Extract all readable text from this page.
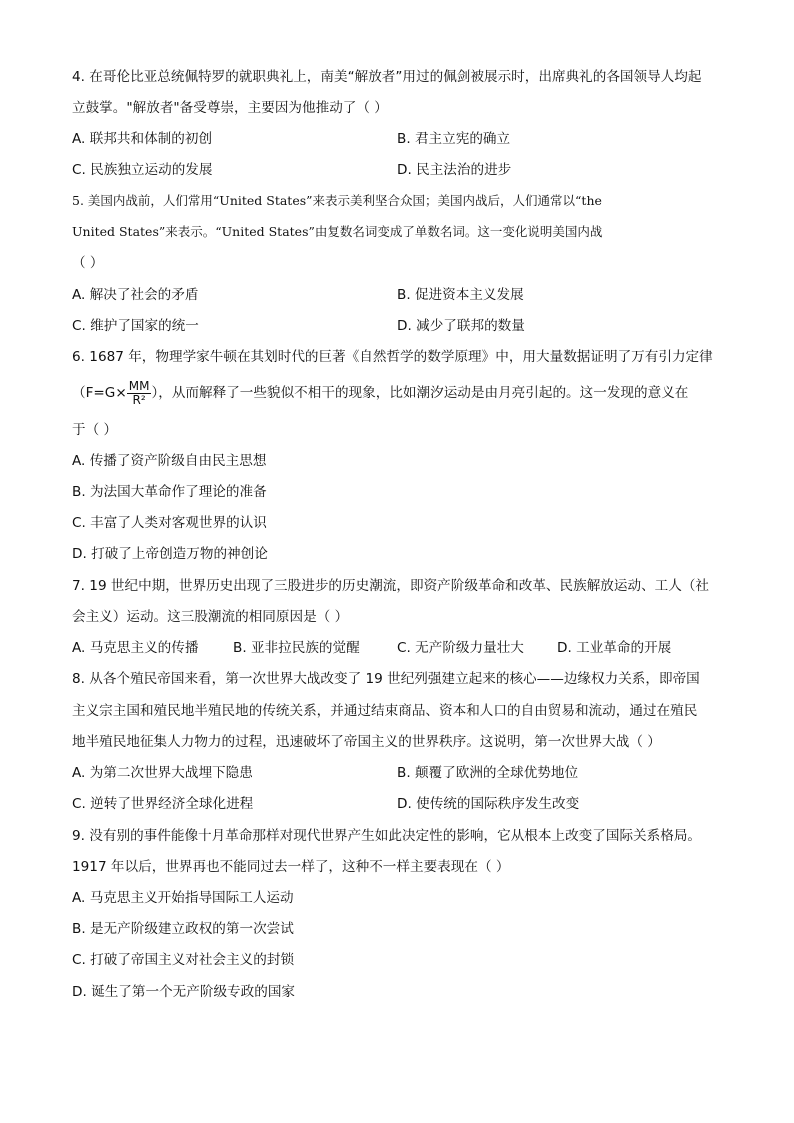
4. 在哥伦比亚总统佩特罗的就职典礼上，南美“解放者”用过的佩剑被展示时，出席典礼的各国领导人均起
立鼓掌。"解放者"备受尊崇，主要因为他推动了（ ）
A. 联邦共和体制的初创	B. 君主立宪的确立
C. 民族独立运动的发展	D. 民主法治的进步
5. 美国内战前，人们常用“United States”来表示美利坚合众国；美国内战后，人们通常以“the
United States”来表示。“United States”由复数名词变成了单数名词。这一变化说明美国内战
（ ）
A. 解决了社会的矛盾	B. 促进资本主义发展
C. 维护了国家的统一	D. 减少了联邦的数量
6. 1687 年，物理学家牛顿在其划时代的巨著《自然哲学的数学原理》中，用大量数据证明了万有引力定律
（$F=G\times \frac{MM}{\text{R²}}$ ），从而解释了一些貌似不相干的现象，比如潮汐运动是由月亮引起的。这一发现的意义在
于（ ）
A. 传播了资产阶级自由民主思想
B. 为法国大革命作了理论的准备
C. 丰富了人类对客观世界的认识
D. 打破了上帝创造万物的神创论
7. 19 世纪中期，世界历史出现了三股进步的历史潮流，即资产阶级革命和改革、民族解放运动、工人（社
会主义）运动。这三股潮流的相同原因是（ ）
A. 马克思主义的传播	B. 亚非拉民族的觉醒	C. 无产阶级力量壮大 D. 工业革命的开展
8. 从各个殖民帝国来看，第一次世界大战改变了 19 世纪列强建立起来的核心——边缘权力关系，即帝国
主义宗主国和殖民地半殖民地的传统关系，并通过结束商品、资本和人口的自由贸易和流动，通过在殖民
地半殖民地征集人力物力的过程，迅速破坏了帝国主义的世界秩序。这说明，第一次世界大战（ ）
A. 为第二次世界大战埋下隐患	B. 颠覆了欧洲的全球优势地位
C. 逆转了世界经济全球化进程	D. 使传统的国际秩序发生改变
9. 没有别的事件能像十月革命那样对现代世界产生如此决定性的影响，它从根本上改变了国际关系格局。
1917 年以后，世界再也不能同过去一样了，这种不一样主要表现在（ ）
A. 马克思主义开始指导国际工人运动
B. 是无产阶级建立政权的第一次尝试
C. 打破了帝国主义对社会主义的封锁
D. 诞生了第一个无产阶级专政的国家
